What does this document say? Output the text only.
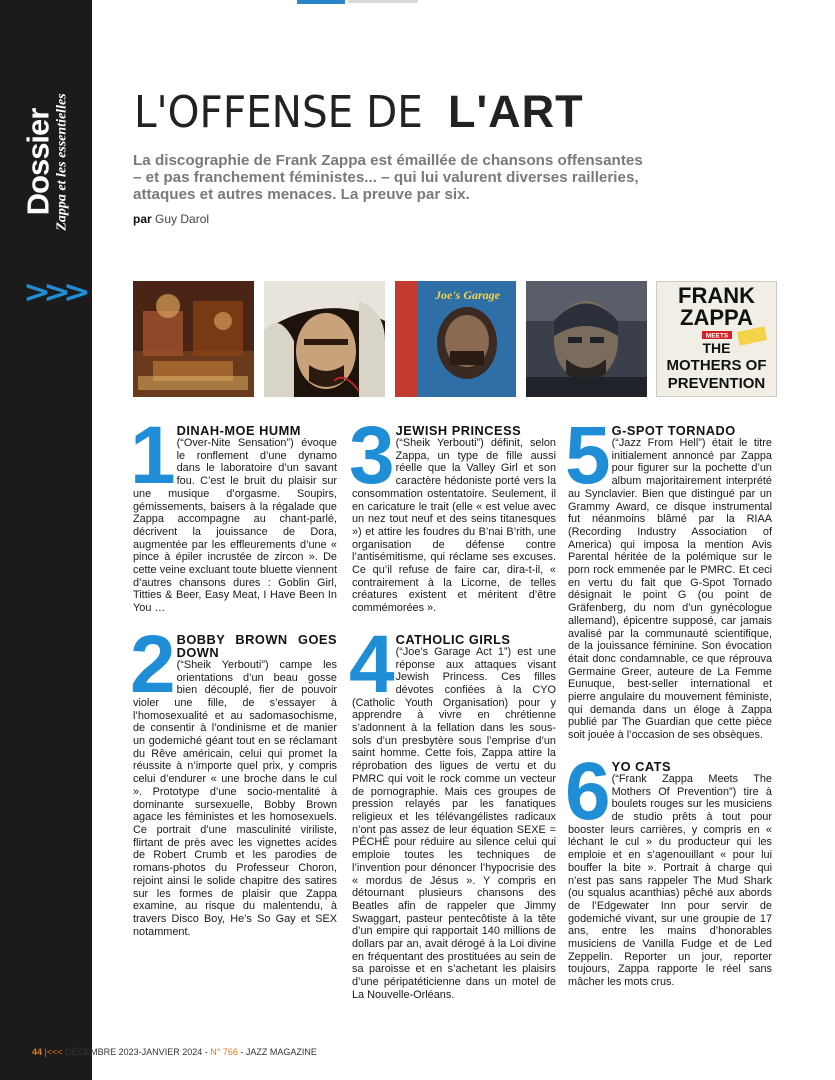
Dossier Zappa et les essentielles
>>>
L'OFFENSE DEL'ART
La discographie de Frank Zappa est émaillée de chansons offensantes – et pas franchement féministes... – qui lui valurent diverses railleries, attaques et autres menaces. La preuve par six.
par Guy Darol
Joe's Garage	FRANK
ZAPPA
MEETS
THE
MOTHERS OF
PREVENTION
1 DINAH-MOE HUMM
(“Over-Nite Sensation”) évoque le ronflement d’une dynamo dans le laboratoire d’un savant fou. C’est le bruit du plaisir sur une musique d’orgasme. Soupirs, gémissements, baisers à la régalade que Zappa accompagne au chant-parlé, décrivent la jouissance de Dora, augmentée par les effleurements d’une « pince à épiler incrustée de zircon ». De cette veine excluant toute bluette viennent d’autres chansons dures : Goblin Girl, Titties & Beer, Easy Meat, I Have Been In You …
2 BOBBY BROWN GOES DOWN
(“Sheik Yerbouti”) campe les orientations d’un beau gosse bien découplé, fier de pouvoir violer une fille, de s’essayer à l’homosexualité et au sadomasochisme, de consentir à l’ondinisme et de manier un godemiché géant tout en se réclamant du Rêve américain, celui qui promet la réussite à n’importe quel prix, y compris celui d’endurer « une broche dans le cul ». Prototype d’une socio-mentalité à dominante sursexuelle, Bobby Brown agace les féministes et les homosexuels. Ce portrait d’une masculinité viriliste, flirtant de près avec les vignettes acides de Robert Crumb et les parodies de romans-photos du Professeur Choron, rejoint ainsi le solide chapitre des satires sur les formes de plaisir que Zappa examine, au risque du malentendu, à travers Disco Boy, He’s So Gay et SEX notamment.
3 JEWISH PRINCESS
(“Sheik Yerbouti”) définit, selon Zappa, un type de fille aussi réelle que la Valley Girl et son caractère hédoniste porté vers la consommation ostentatoire. Seulement, il en caricature le trait (elle « est velue avec un nez tout neuf et des seins titanesques ») et attire les foudres du B’nai B’rith, une organisation de défense contre l’antisémitisme, qui réclame ses excuses. Ce qu’il refuse de faire car, dira-t-il, « contrairement à la Licorne, de telles créatures existent et méritent d’être commémorées ».
4 CATHOLIC GIRLS
(“Joe’s Garage Act 1”) est une réponse aux attaques visant Jewish Princess. Ces filles dévotes confiées à la CYO (Catholic Youth Organisation) pour y apprendre à vivre en chrétienne s’adonnent à la fellation dans les sous-sols d’un presbytère sous l’emprise d’un saint homme. Cette fois, Zappa attire la réprobation des ligues de vertu et du PMRC qui voit le rock comme un vecteur de pornographie. Mais ces groupes de pression relayés par les fanatiques religieux et les télévangélistes radicaux n’ont pas assez de leur équation SEXE = PÉCHÉ pour réduire au silence celui qui emploie toutes les techniques de l’invention pour dénoncer l’hypocrisie des « mordus de Jésus ». Y compris en détournant plusieurs chansons des Beatles afin de rappeler que Jimmy Swaggart, pasteur pentecôtiste à la tête d’un empire qui rapportait 140 millions de dollars par an, avait dérogé à la Loi divine en fréquentant des prostituées au sein de sa paroisse et en s’achetant les plaisirs d’une péripatéticienne dans un motel de La Nouvelle-Orléans.
5 G-SPOT TORNADO
(“Jazz From Hell”) était le titre initialement annoncé par Zappa pour figurer sur la pochette d’un album majoritairement interprété au Synclavier. Bien que distingué par un Grammy Award, ce disque instrumental fut néanmoins blâmé par la RIAA (Recording Industry Association of America) qui imposa la mention Avis Parental héritée de la polémique sur le porn rock emmenée par le PMRC. Et ceci en vertu du fait que G-Spot Tornado désignait le point G (ou point de Gräfenberg, du nom d’un gynécologue allemand), épicentre supposé, car jamais avalisé par la communauté scientifique, de la jouissance féminine. Son évocation était donc condamnable, ce que réprouva Germaine Greer, auteure de La Femme Eunuque, best-seller international et pierre angulaire du mouvement féministe, qui demanda dans un éloge à Zappa publié par The Guardian que cette pièce soit jouée à l’occasion de ses obsèques.
6 YO CATS
(“Frank Zappa Meets The Mothers Of Prevention”) tire à boulets rouges sur les musiciens de studio prêts à tout pour booster leurs carrières, y compris en « léchant le cul » du producteur qui les emploie et en s’agenouillant « pour lui bouffer la bite ». Portrait à charge qui n’est pas sans rappeler The Mud Shark (ou squalus acanthias) pêché aux abords de l’Edgewater Inn pour servir de godemiché vivant, sur une groupie de 17 ans, entre les mains d’honorables musiciens de Vanilla Fudge et de Led Zeppelin. Reporter un jour, reporter toujours, Zappa rapporte le réel sans mâcher les mots crus.
44 |<<< DÉCEMBRE 2023-JANVIER 2024 - N° 766 - JAZZ MAGAZINE
